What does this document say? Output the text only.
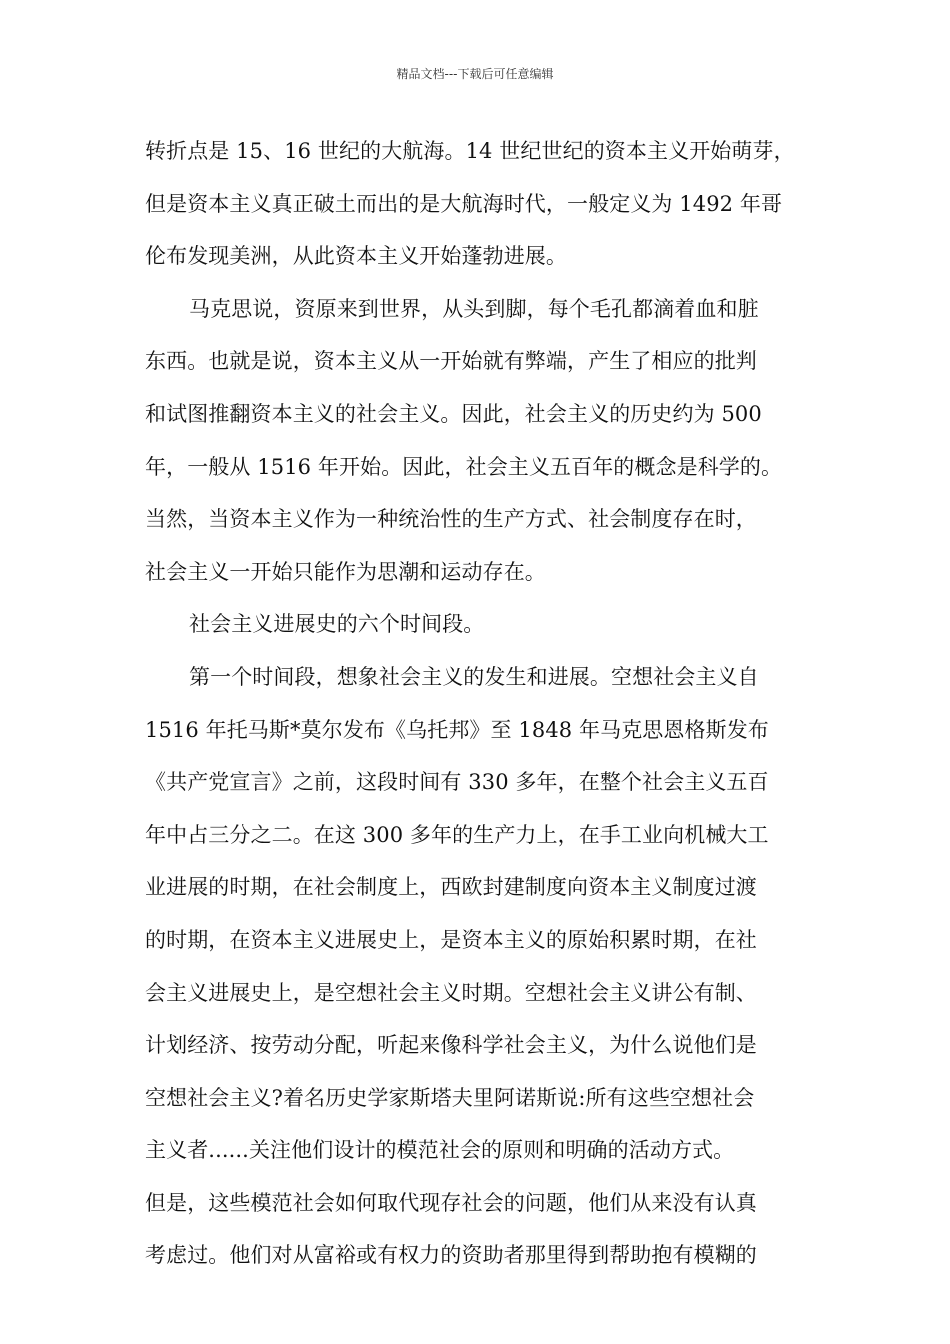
精品文档---下载后可任意编辑
转折点是 15、16 世纪的大航海。14 世纪世纪的资本主义开始萌芽，
但是资本主义真正破土而出的是大航海时代，一般定义为 1492 年哥
伦布发现美洲，从此资本主义开始蓬勃进展。
马克思说，资原来到世界，从头到脚，每个毛孔都滴着血和脏
东西。也就是说，资本主义从一开始就有弊端，产生了相应的批判
和试图推翻资本主义的社会主义。因此，社会主义的历史约为 500
年，一般从 1516 年开始。因此，社会主义五百年的概念是科学的。
当然，当资本主义作为一种统治性的生产方式、社会制度存在时，
社会主义一开始只能作为思潮和运动存在。
社会主义进展史的六个时间段。
第一个时间段，想象社会主义的发生和进展。空想社会主义自
1516 年托马斯*莫尔发布《乌托邦》至 1848 年马克思恩格斯发布
《共产党宣言》之前，这段时间有 330 多年，在整个社会主义五百
年中占三分之二。在这 300 多年的生产力上，在手工业向机械大工
业进展的时期，在社会制度上，西欧封建制度向资本主义制度过渡
的时期，在资本主义进展史上，是资本主义的原始积累时期，在社
会主义进展史上，是空想社会主义时期。空想社会主义讲公有制、
计划经济、按劳动分配，听起来像科学社会主义，为什么说他们是
空想社会主义?着名历史学家斯塔夫里阿诺斯说:所有这些空想社会
主义者......关注他们设计的模范社会的原则和明确的活动方式。
但是，这些模范社会如何取代现存社会的问题，他们从来没有认真
考虑过。他们对从富裕或有权力的资助者那里得到帮助抱有模糊的
